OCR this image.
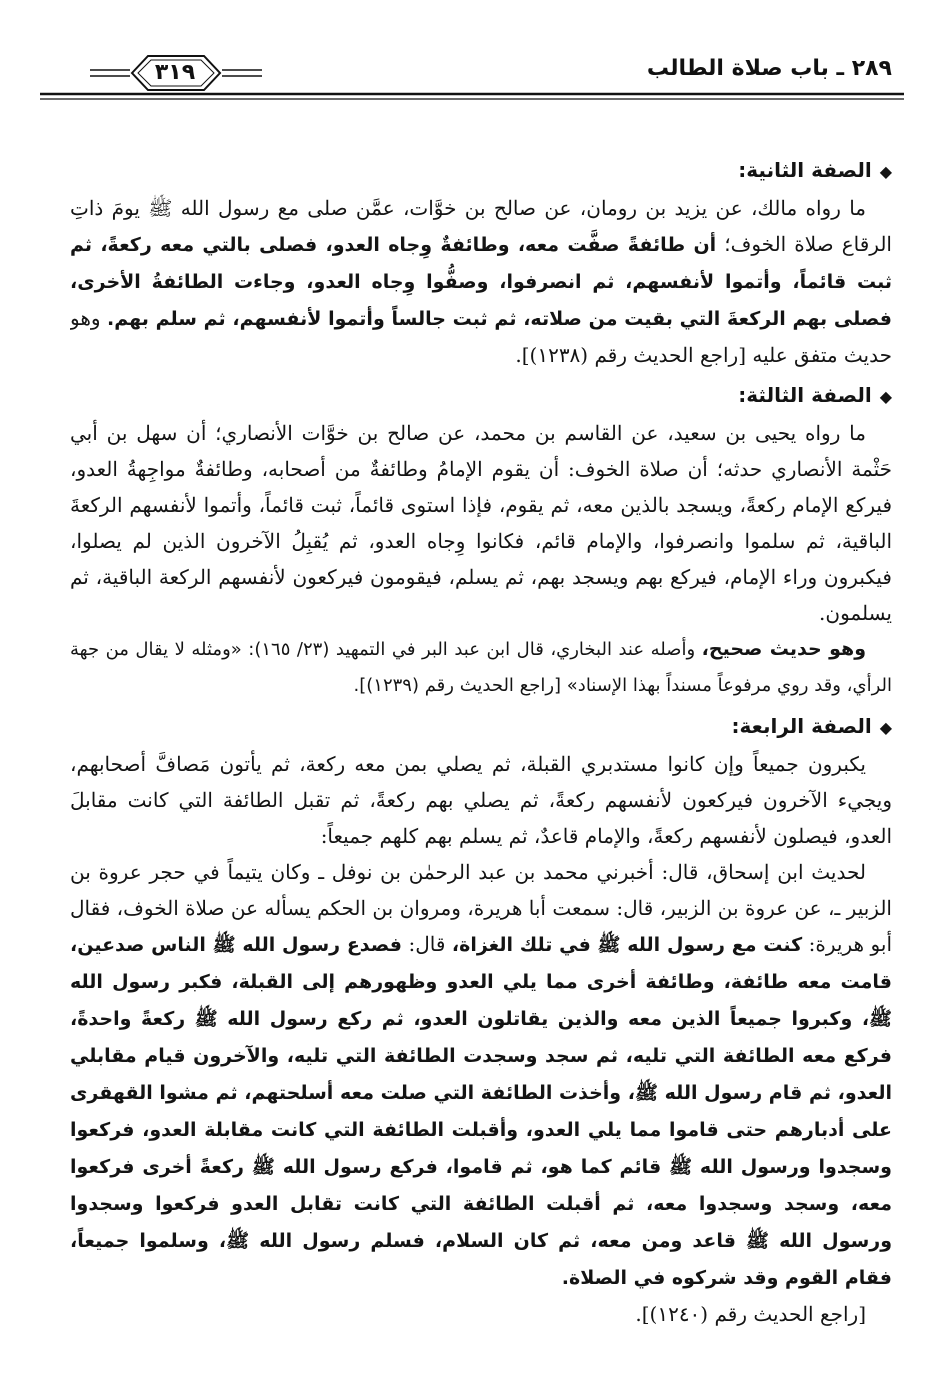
٢٨٩ ـ باب صلاة الطالب
٣١٩
◆الصفة الثانية:

ما رواه مالك، عن يزيد بن رومان، عن صالح بن خوَّات، عمَّن صلى مع رسول الله ﷺ يومَ ذاتِ الرقاع صلاة الخوف؛ أن طائفةً صفَّت معه، وطائفةٌ وِجاه العدو، فصلى بالتي معه ركعةً، ثم ثبت قائماً، وأتموا لأنفسهم، ثم انصرفوا، وصفُّوا وِجاه العدو، وجاءت الطائفةُ الأخرى، فصلى بهم الركعةَ التي بقيت من صلاته، ثم ثبت جالساً وأتموا لأنفسهم، ثم سلم بهم. وهو حديث متفق عليه [راجع الحديث رقم (١٢٣٨)].

◆الصفة الثالثة:

ما رواه يحيى بن سعيد، عن القاسم بن محمد، عن صالح بن خوَّات الأنصاري؛ أن سهل بن أبي حَثْمة الأنصاري حدثه؛ أن صلاة الخوف: أن يقوم الإمامُ وطائفةٌ من أصحابه، وطائفةٌ مواجِهةُ العدو، فيركع الإمام ركعةً، ويسجد بالذين معه، ثم يقوم، فإذا استوى قائماً، ثبت قائماً، وأتموا لأنفسهم الركعةَ الباقية، ثم سلموا وانصرفوا، والإمام قائم، فكانوا وِجاه العدو، ثم يُقبِلُ الآخرون الذين لم يصلوا، فيكبرون وراء الإمام، فيركع بهم ويسجد بهم، ثم يسلم، فيقومون فيركعون لأنفسهم الركعة الباقية، ثم يسلمون.

وهو حديث صحيح، وأصله عند البخاري، قال ابن عبد البر في التمهيد (٢٣/ ١٦٥): «ومثله لا يقال من جهة الرأي، وقد روي مرفوعاً مسنداً بهذا الإسناد» [راجع الحديث رقم (١٢٣٩)].

◆الصفة الرابعة:

يكبرون جميعاً وإن كانوا مستدبري القبلة، ثم يصلي بمن معه ركعة، ثم يأتون مَصافَّ أصحابهم، ويجيء الآخرون فيركعون لأنفسهم ركعةً، ثم يصلي بهم ركعةً، ثم تقبل الطائفة التي كانت مقابلَ العدو، فيصلون لأنفسهم ركعةً، والإمام قاعدٌ، ثم يسلم بهم كلهم جميعاً:

لحديث ابن إسحاق، قال: أخبرني محمد بن عبد الرحمٰن بن نوفل ـ وكان يتيماً في حجر عروة بن الزبير ـ، عن عروة بن الزبير، قال: سمعت أبا هريرة، ومروان بن الحكم يسأله عن صلاة الخوف، فقال أبو هريرة: كنت مع رسول الله ﷺ في تلك الغزاة، قال: فصدع رسول الله ﷺ الناس صدعين، قامت معه طائفة، وطائفة أخرى مما يلي العدو وظهورهم إلى القبلة، فكبر رسول الله ﷺ، وكبروا جميعاً الذين معه والذين يقاتلون العدو، ثم ركع رسول الله ﷺ ركعةً واحدةً، فركع معه الطائفة التي تليه، ثم سجد وسجدت الطائفة التي تليه، والآخرون قيام مقابلي العدو، ثم قام رسول الله ﷺ، وأخذت الطائفة التي صلت معه أسلحتهم، ثم مشوا القهقرى على أدبارهم حتى قاموا مما يلي العدو، وأقبلت الطائفة التي كانت مقابلة العدو، فركعوا وسجدوا ورسول الله ﷺ قائم كما هو، ثم قاموا، فركع رسول الله ﷺ ركعةً أخرى فركعوا معه، وسجد وسجدوا معه، ثم أقبلت الطائفة التي كانت تقابل العدو فركعوا وسجدوا ورسول الله ﷺ قاعد ومن معه، ثم كان السلام، فسلم رسول الله ﷺ، وسلموا جميعاً، فقام القوم وقد شركوه في الصلاة.

[راجع الحديث رقم (١٢٤٠)].
